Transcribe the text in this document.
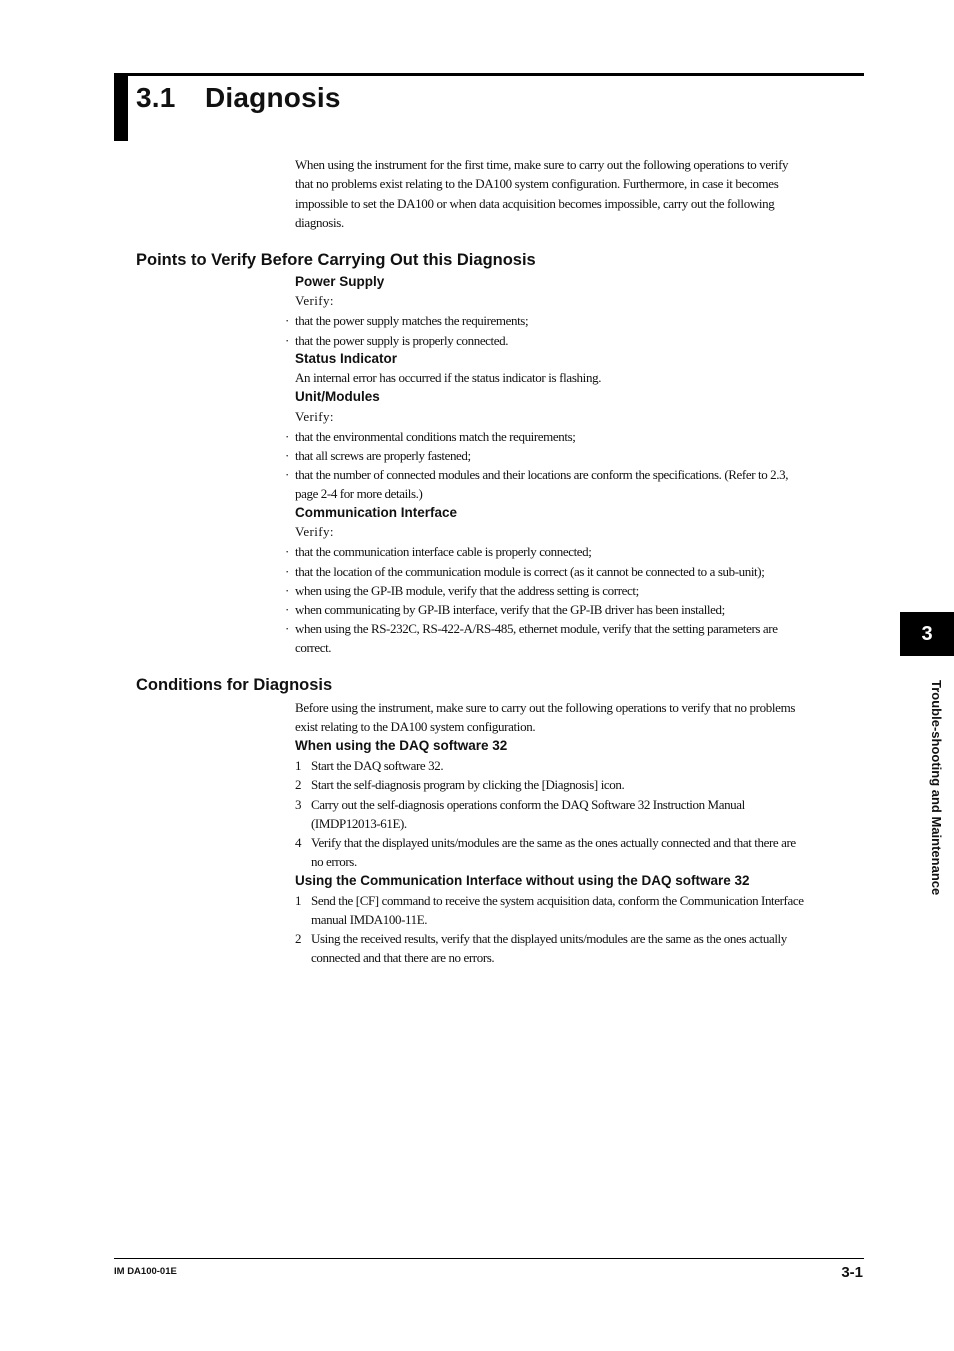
3.1 Diagnosis
When using the instrument for the first time, make sure to carry out the following operations to verify that no problems exist relating to the DA100 system configuration. Furthermore, in case it becomes impossible to set the DA100 or when data acquisition becomes impossible, carry out the following diagnosis.
Points to Verify Before Carrying Out this Diagnosis
Power Supply
Verify:
· that the power supply matches the requirements;
· that the power supply is properly connected.
Status Indicator
An internal error has occurred if the status indicator is flashing.
Unit/Modules
Verify:
· that the environmental conditions match the requirements;
· that all screws are properly fastened;
· that the number of connected modules and their locations are conform the specifications. (Refer to 2.3, page 2-4 for more details.)
Communication Interface
Verify:
· that the communication interface cable is properly connected;
· that the location of the communication module is correct (as it cannot be connected to a sub-unit);
· when using the GP-IB module, verify that the address setting is correct;
· when communicating by GP-IB interface, verify that the GP-IB driver has been installed;
· when using the RS-232C, RS-422-A/RS-485, ethernet module, verify that the setting parameters are correct.
Conditions for Diagnosis
Before using the instrument, make sure to carry out the following operations to verify that no problems exist relating to the DA100 system configuration.
When using the DAQ software 32
1 Start the DAQ software 32.
2 Start the self-diagnosis program by clicking the [Diagnosis] icon.
3 Carry out the self-diagnosis operations conform the DAQ Software 32 Instruction Manual (IMDP12013-61E).
4 Verify that the displayed units/modules are the same as the ones actually connected and that there are no errors.
Using the Communication Interface without using the DAQ software 32
1 Send the [CF] command to receive the system acquisition data, conform the Communication Interface manual IMDA100-11E.
2 Using the received results, verify that the displayed units/modules are the same as the ones actually connected and that there are no errors.
3
Trouble-shooting and Maintenance
IM DA100-01E	3-1
